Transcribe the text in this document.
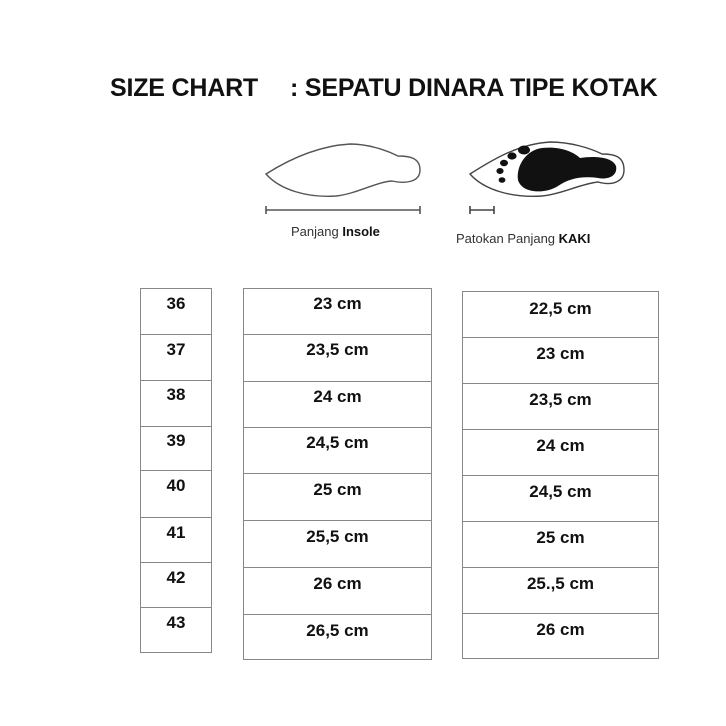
SIZE CHART : SEPATU DINARA TIPE KOTAK
Panjang Insole	Patokan Panjang KAKI
36
37
38
39
40
41
42
43
23 cm
23,5 cm
24 cm
24,5 cm
25 cm
25,5 cm
26 cm
26,5 cm
22,5 cm
23 cm
23,5 cm
24 cm
24,5 cm
25 cm
25.,5 cm
26 cm
